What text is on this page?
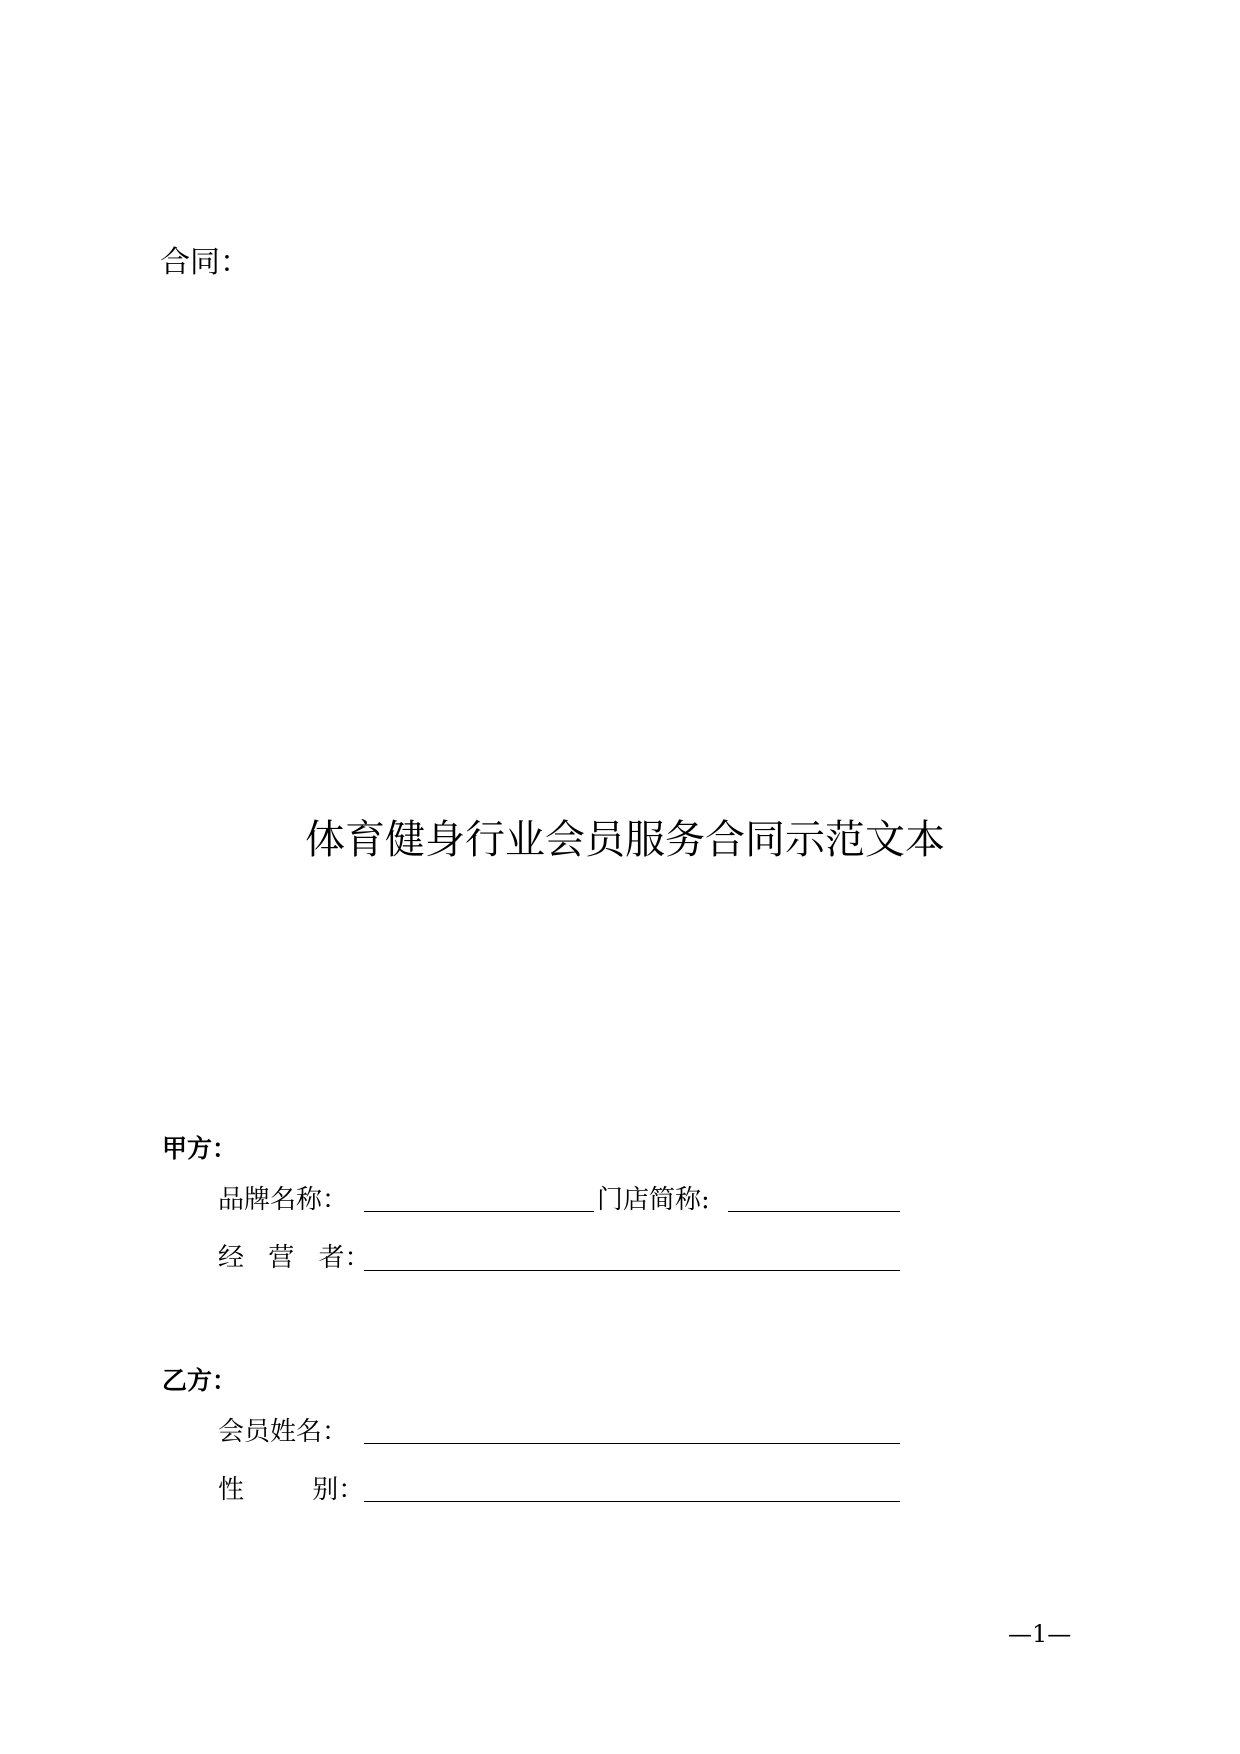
合同：
体育健身行业会员服务合同示范文本
甲方：
品牌名称：	门店简称:
经 营 者：
乙方：
会员姓名：
性 别：
—1—
